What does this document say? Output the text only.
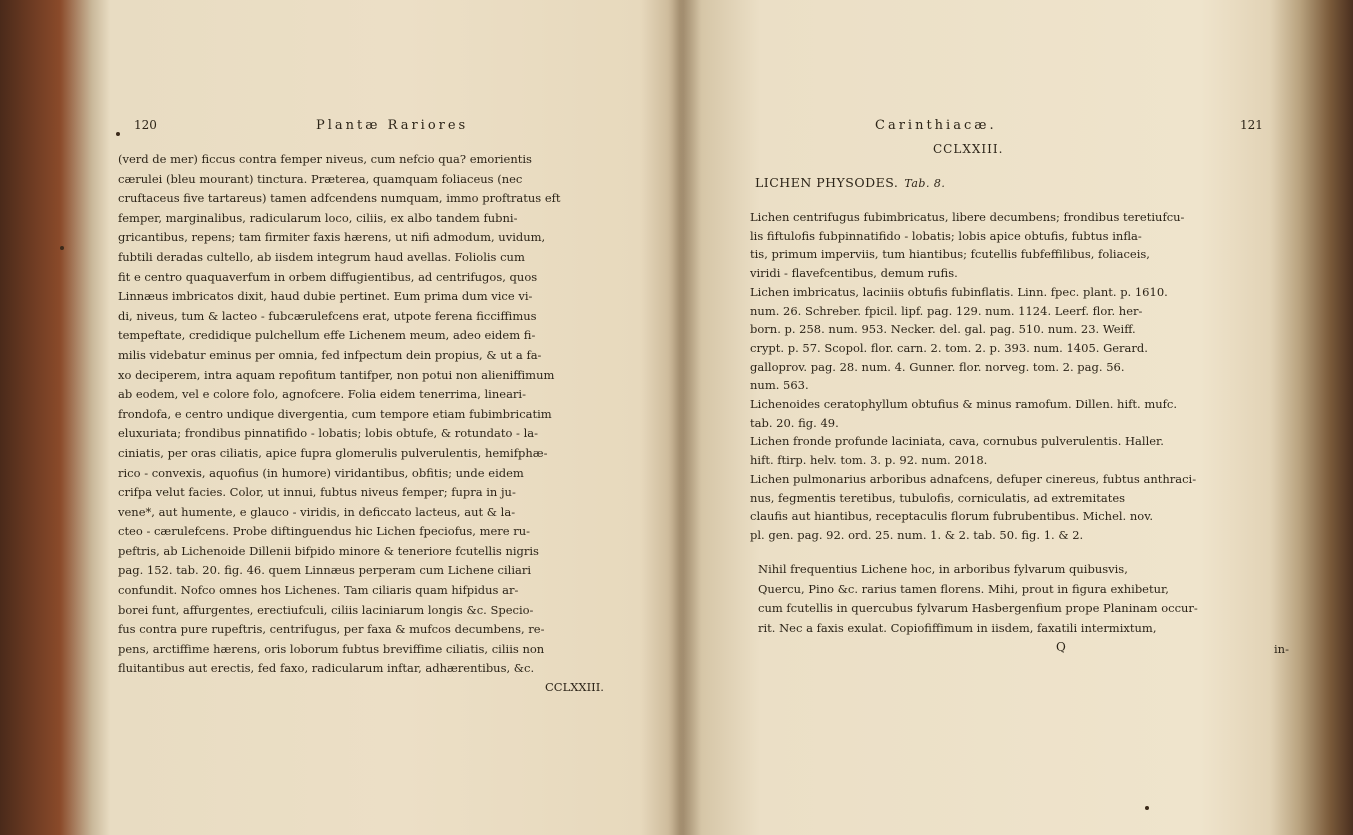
120	Plantæ Rariores

(verd de mer) ficcus contra femper niveus, cum nefcio qua? emorientis

cærulei (bleu mourant) tinctura. Præterea, quamquam foliaceus (nec

cruftaceus five tartareus) tamen adfcendens numquam, immo proftratus eft

femper, marginalibus, radicularum loco, ciliis, ex albo tandem fubni-

gricantibus, repens; tam firmiter faxis hærens, ut nifi admodum, uvidum,

fubtili deradas cultello, ab iisdem integrum haud avellas. Foliolis cum

fit e centro quaquaverfum in orbem diffugientibus, ad centrifugos, quos

Linnæus imbricatos dixit, haud dubie pertinet. Eum prima dum vice vi-

di, niveus, tum & lacteo - fubcærulefcens erat, utpote ferena ficciffimus

tempeftate, credidique pulchellum effe Lichenem meum, adeo eidem fi-

milis videbatur eminus per omnia, fed infpectum dein propius, & ut a fa-

xo deciperem, intra aquam repofitum tantifper, non potui non alieniffimum

ab eodem, vel e colore folo, agnofcere. Folia eidem tenerrima, lineari-

frondofa, e centro undique divergentia, cum tempore etiam fubimbricatim

eluxuriata; frondibus pinnatifido - lobatis; lobis obtufe, & rotundato - la-

ciniatis, per oras ciliatis, apice fupra glomerulis pulverulentis, hemifphæ-

rico - convexis, aquofius (in humore) viridantibus, obfitis; unde eidem

crifpa velut facies. Color, ut innui, fubtus niveus femper; fupra in ju-

vene*, aut humente, e glauco - viridis, in deficcato lacteus, aut & la-

cteo - cærulefcens. Probe diftinguendus hic Lichen fpeciofus, mere ru-

peftris, ab Lichenoide Dillenii bifpido minore & teneriore fcutellis nigris

pag. 152. tab. 20. fig. 46. quem Linnæus perperam cum Lichene ciliari

confundit. Nofco omnes hos Lichenes. Tam ciliaris quam hifpidus ar-

borei funt, affurgentes, erectiufculi, ciliis laciniarum longis &c. Specio-

fus contra pure rupeftris, centrifugus, per faxa & mufcos decumbens, re-

pens, arctiffime hærens, oris loborum fubtus breviffime ciliatis, ciliis non

fluitantibus aut erectis, fed faxo, radicularum inftar, adhærentibus, &c.

CCLXXIII.
Carinthiacæ.	121
CCLXXIII.
LICHEN PHYSODES. Tab. 8.

Lichen centrifugus fubimbricatus, libere decumbens; frondibus teretiufcu-

lis fiftulofis fubpinnatifido - lobatis; lobis apice obtufis, fubtus infla-

tis, primum imperviis, tum hiantibus; fcutellis fubfeffilibus, foliaceis,

viridi - flavefcentibus, demum rufis.

Lichen imbricatus, laciniis obtufis fubinflatis. Linn. fpec. plant. p. 1610.

num. 26. Schreber. fpicil. lipf. pag. 129. num. 1124. Leerf. flor. her-

born. p. 258. num. 953. Necker. del. gal. pag. 510. num. 23. Weiff.

crypt. p. 57. Scopol. flor. carn. 2. tom. 2. p. 393. num. 1405. Gerard.

galloprov. pag. 28. num. 4. Gunner. flor. norveg. tom. 2. pag. 56.

num. 563.

Lichenoides ceratophyllum obtufius & minus ramofum. Dillen. hift. mufc.

tab. 20. fig. 49.

Lichen fronde profunde laciniata, cava, cornubus pulverulentis. Haller.

hift. ftirp. helv. tom. 3. p. 92. num. 2018.

Lichen pulmonarius arboribus adnafcens, defuper cinereus, fubtus anthraci-

nus, fegmentis teretibus, tubulofis, corniculatis, ad extremitates

claufis aut hiantibus, receptaculis florum fubrubentibus. Michel. nov.

pl. gen. pag. 92. ord. 25. num. 1. & 2. tab. 50. fig. 1. & 2.

Nihil frequentius Lichene hoc, in arboribus fylvarum quibusvis,

Quercu, Pino &c. rarius tamen florens. Mihi, prout in figura exhibetur,

cum fcutellis in quercubus fylvarum Hasbergenfium prope Planinam occur-

rit. Nec a faxis exulat. Copiofiffimum in iisdem, faxatili intermixtum,

Q	in-
